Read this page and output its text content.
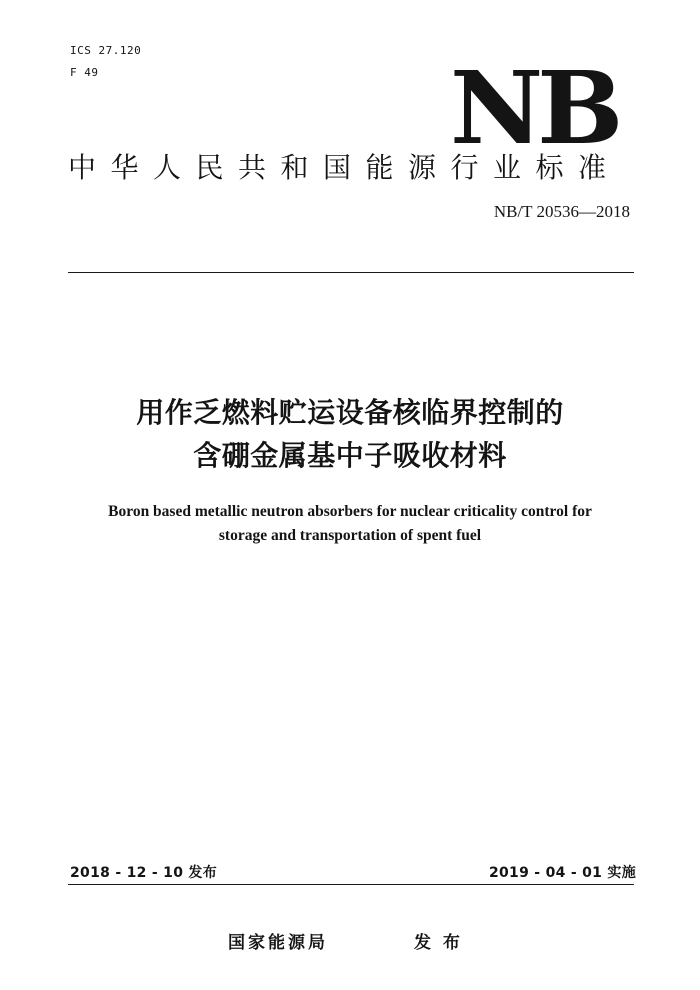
ICS 27.120
F 49	NB
中华人民共和国能源行业标准
NB/T 20536—2018
用作乏燃料贮运设备核临界控制的
含硼金属基中子吸收材料
Boron based metallic neutron absorbers for nuclear criticality control for
storage and transportation of spent fuel
2018 - 12 - 10 发布	2019 - 04 - 01 实施
国家能源局	发 布
